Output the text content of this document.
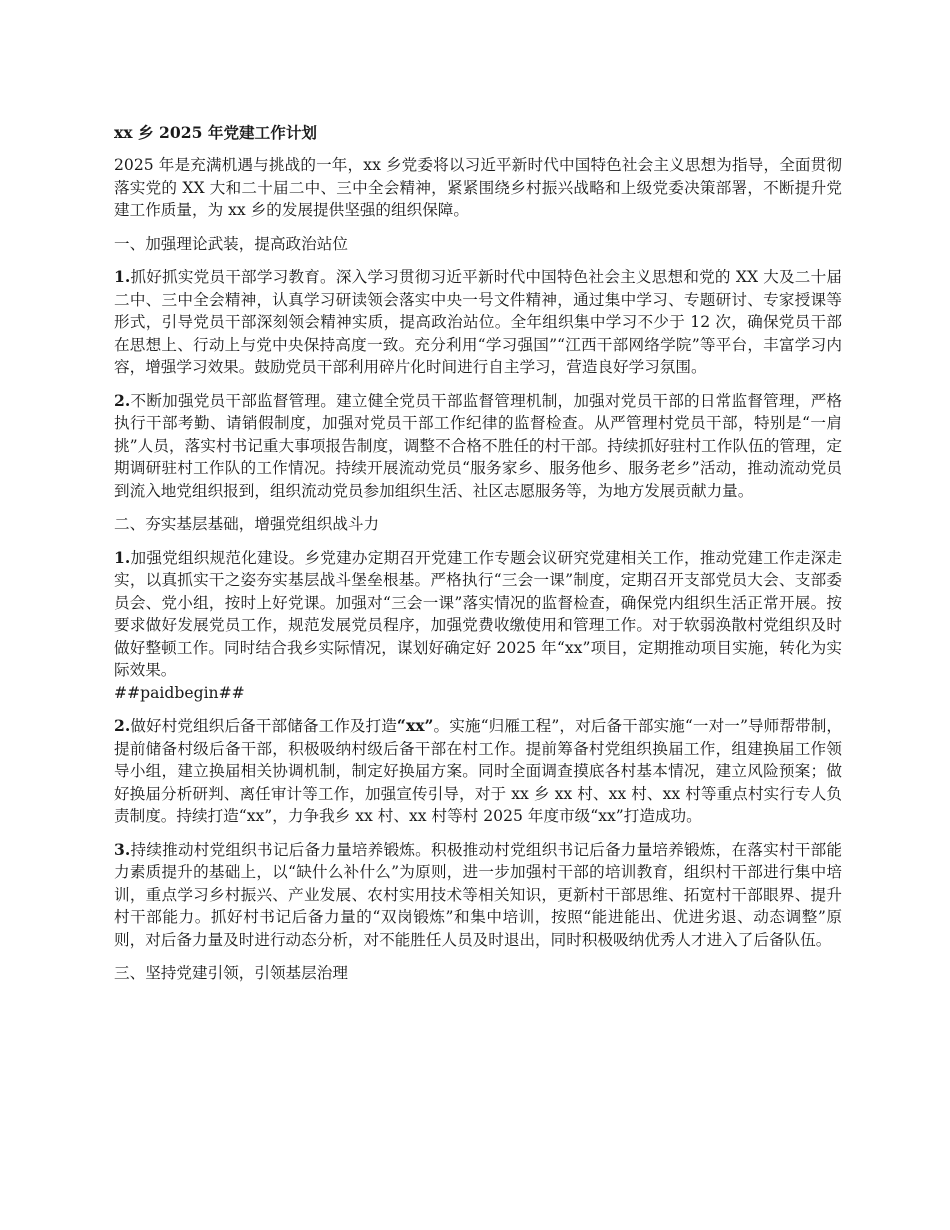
xx 乡 2025 年党建工作计划
2025 年是充满机遇与挑战的一年，xx 乡党委将以习近平新时代中国特色社会主义思想为指导，全面贯彻落实党的 XX 大和二十届二中、三中全会精神，紧紧围绕乡村振兴战略和上级党委决策部署，不断提升党建工作质量，为 xx 乡的发展提供坚强的组织保障。
一、加强理论武装，提高政治站位
1.抓好抓实党员干部学习教育。深入学习贯彻习近平新时代中国特色社会主义思想和党的 XX 大及二十届二中、三中全会精神，认真学习研读领会落实中央一号文件精神，通过集中学习、专题研讨、专家授课等形式，引导党员干部深刻领会精神实质，提高政治站位。全年组织集中学习不少于 12 次，确保党员干部在思想上、行动上与党中央保持高度一致。充分利用“学习强国”“江西干部网络学院”等平台，丰富学习内容，增强学习效果。鼓励党员干部利用碎片化时间进行自主学习，营造良好学习氛围。
2.不断加强党员干部监督管理。建立健全党员干部监督管理机制，加强对党员干部的日常监督管理，严格执行干部考勤、请销假制度，加强对党员干部工作纪律的监督检查。从严管理村党员干部，特别是“一肩挑”人员，落实村书记重大事项报告制度，调整不合格不胜任的村干部。持续抓好驻村工作队伍的管理，定期调研驻村工作队的工作情况。持续开展流动党员“服务家乡、服务他乡、服务老乡”活动，推动流动党员到流入地党组织报到，组织流动党员参加组织生活、社区志愿服务等，为地方发展贡献力量。
二、夯实基层基础，增强党组织战斗力
1.加强党组织规范化建设。乡党建办定期召开党建工作专题会议研究党建相关工作，推动党建工作走深走实，以真抓实干之姿夯实基层战斗堡垒根基。严格执行“三会一课”制度，定期召开支部党员大会、支部委员会、党小组，按时上好党课。加强对“三会一课”落实情况的监督检查，确保党内组织生活正常开展。按要求做好发展党员工作，规范发展党员程序，加强党费收缴使用和管理工作。对于软弱涣散村党组织及时做好整顿工作。同时结合我乡实际情况，谋划好确定好 2025 年“xx”项目，定期推动项目实施，转化为实际效果。
##paidbegin##
2.做好村党组织后备干部储备工作及打造“xx”。实施“归雁工程”，对后备干部实施“一对一”导师帮带制，提前储备村级后备干部，积极吸纳村级后备干部在村工作。提前筹备村党组织换届工作，组建换届工作领导小组，建立换届相关协调机制，制定好换届方案。同时全面调查摸底各村基本情况，建立风险预案；做好换届分析研判、离任审计等工作，加强宣传引导，对于 xx 乡 xx 村、xx 村、xx 村等重点村实行专人负责制度。持续打造“xx”，力争我乡 xx 村、xx 村等村 2025 年度市级“xx”打造成功。
3.持续推动村党组织书记后备力量培养锻炼。积极推动村党组织书记后备力量培养锻炼，在落实村干部能力素质提升的基础上，以“缺什么补什么”为原则，进一步加强村干部的培训教育，组织村干部进行集中培训，重点学习乡村振兴、产业发展、农村实用技术等相关知识，更新村干部思维、拓宽村干部眼界、提升村干部能力。抓好村书记后备力量的“双岗锻炼”和集中培训，按照“能进能出、优进劣退、动态调整”原则，对后备力量及时进行动态分析，对不能胜任人员及时退出，同时积极吸纳优秀人才进入了后备队伍。
三、坚持党建引领，引领基层治理
